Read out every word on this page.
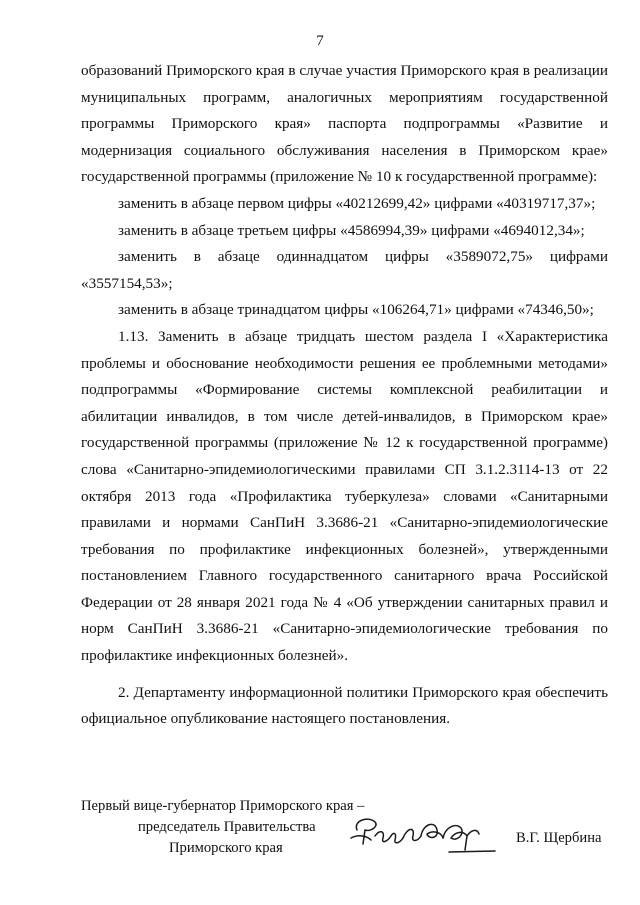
7

образований Приморского края в случае участия Приморского края в реализации муниципальных программ, аналогичных мероприятиям государственной программы Приморского края» паспорта подпрограммы «Развитие и модернизация социального обслуживания населения в Приморском крае» государственной программы (приложение № 10 к государственной программе):

заменить в абзаце первом цифры «40212699,42» цифрами «40319717,37»;

заменить в абзаце третьем цифры «4586994,39» цифрами «4694012,34»;

заменить в абзаце одиннадцатом цифры «3589072,75» цифрами «3557154,53»;

заменить в абзаце тринадцатом цифры «106264,71» цифрами «74346,50»;

1.13. Заменить в абзаце тридцать шестом раздела I «Характеристика проблемы и обоснование необходимости решения ее проблемными методами» подпрограммы «Формирование системы комплексной реабилитации и абилитации инвалидов, в том числе детей-инвалидов, в Приморском крае» государственной программы (приложение № 12 к государственной программе) слова «Санитарно-эпидемиологическими правилами СП 3.1.2.3114-13 от 22 октября 2013 года «Профилактика туберкулеза» словами «Санитарными правилами и нормами СанПиН 3.3686-21 «Санитарно-эпидемиологические требования по профилактике инфекционных болезней», утвержденными постановлением Главного государственного санитарного врача Российской Федерации от 28 января 2021 года № 4 «Об утверждении санитарных правил и норм СанПиН 3.3686-21 «Санитарно-эпидемиологические требования по профилактике инфекционных болезней».

2. Департаменту информационной политики Приморского края обеспечить официальное опубликование настоящего постановления.

Первый вице-губернатор Приморского края –
председатель Правительства
Приморского края
В.Г. Щербина
